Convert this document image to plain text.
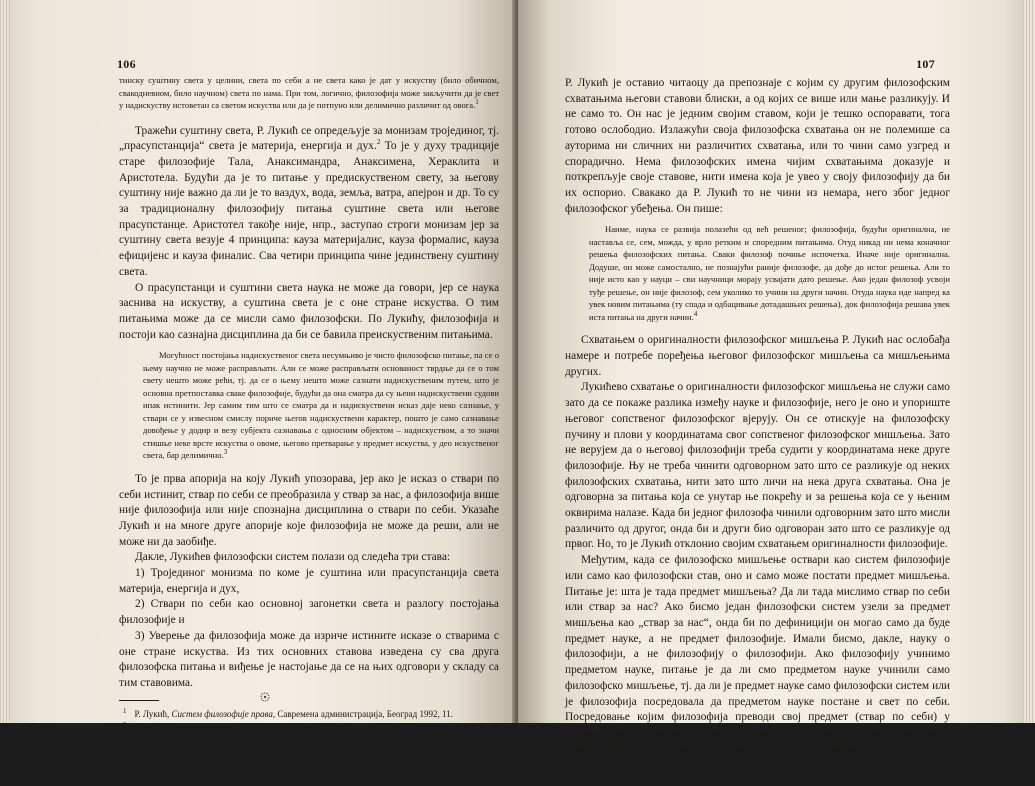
106

тинску суштину света у целини, света по себи а не света како је дат у искуству (било обичном, свакодневном, било научном) света по нама. При том, логично, филозофија може закључити да је свет у надискуству истоветан са светом искуства или да је потпуно или делимично различит од овога.$^1$

Тражећи суштину света, Р. Лукић се опредељује за монизам тројединог, тј. „прасупстанција“ света је материја, енергија и дух.$^2$ То је у духу традиције старе филозофије Тала, Анаксимандра, Анаксимена, Хераклита и Аристотела. Будући да је то питање у предискуственом свету, за његову суштину није важно да ли је то ваздух, вода, земља, ватра, апејрон и др. То су за традиционалну филозофију питања суштине света или његове прасупстанце. Аристотел такође није, нпр., заступао строги монизам јер за суштину света везује 4 принципа: кауза материјалис, кауза формалис, кауза ефицијенс и кауза финалис. Сва четири принципа чине јединствену суштину света.

О прасупстанци и суштини света наука не може да говори, јер се наука заснива на искуству, а суштина света је с оне стране искуства. О тим питањима може да се мисли само филозофски. По Лукићу, филозофија и постоји као сазнајна дисциплина да би се бавила преискуственим питањима.

Могућност постојања надискуственог света несумњиво је чисто филозофско питање, па се о њему научно не може расправљати. Али се може расправљати основаност тврдње да се о том свету нешто може рећи, тј. да се о њему нешто може сазнати надискуственим путем, што је основна претпоставка сваке филозофије, будући да она сматра да су њени надискуствени судови ипак истинити. Јер самим тим што се сматра да и надискуствени исказ даје неко сазнање, у ствари се у извесном смислу пориче његов надискуствени карактер, пошто је само сазнавање довођење у додир и везу субјекта сазнавања с односним објектом – надискуством, а то значи стишње неке врсте искуства о овоме, његово претварање у предмет искуства, у део искуственог света, бар делимично.$^3$

То је прва апорија на коју Лукић упозорава, јер ако је исказ о ствари по себи истинит, ствар по себи се преобразила у ствар за нас, а филозофија више није филозофија или није спознајна дисциплина о ствари по себи. Указаће Лукић и на многе друге апорије које филозофија не може да реши, али не може ни да заобиђе.

Дакле, Лукићев филозофски систем полази од следећа три става:

1) Тројединог монизма по коме је суштина или прасупстанција света материја, енергија и дух,

2) Ствари по себи као основној загонетки света и разлогу постојања филозофије и

3) Уверење да филозофија може да изриче истините исказе о стварима с оне стране искуства. Из тих основних ставова изведена су сва друга филозофска питања и виђење је настојање да се на њих одговори у складу са тим ставовима.

$^1$ Р. Лукић, Систем филозофије права, Савремена администрација, Београд 1992, 11.
$^2$ Исто, 71-86.
$^3$ Исто, 17.
107

Р. Лукић је оставио читаоцу да препознаје с којим су другим филозофским схватањима његови ставови блиски, а од којих се више или мање разликују. И не само то. Он нас је једним својим ставом, који је тешко оспоравати, тога готово ослободио. Излажући своја филозофска схватања он не полемише са ауторима ни сличних ни различитих схватања, или то чини само узгред и спорадично. Нема филозофских имена чијим схватањима доказује и поткрепљује своје ставове, нити имена која је увео у своју филозофију да би их оспорио. Свакако да Р. Лукић то не чини из немара, него због једног филозофског убеђења. Он пише:

Наиме, наука се развија полазећи од већ решеног; филозофија, будући оригинална, не наставља се, сем, можда, у врло ретким и споредним питањима. Отуд никад ни нема коначног решења филозофских питања. Сваки филозоф почиње испочетка. Иначе није оригинална. Додуше, он може самостално, не познајући раније филозофе, да дође до истог решења. Али то није исто као у науци – сви научници морају усвајати дато решење. Ако један филозоф усвоји туђе решење, он није филозоф, сем уколико то учини на други начин. Отуда наука иде напред ка увек новим питањима (ту спада и одбацивање дотадашњих решења), док филозофија решава увек иста питања на други начин.$^4$

Схватањем о оригиналности филозофског мишљења Р. Лукић нас ослобађа намере и потребе поређења његовог филозофског мишљења са мишљењима других.

Лукићево схватање о оригиналности филозофског мишљења не служи само зато да се покаже разлика између науке и филозофије, него је оно и упориште његовог сопственог филозофског вјерују. Он се отискује на филозофску пучину и плови у координатама свог сопственог филозофског мишљења. Зато не верујем да о његовој филозофији треба судити у координатама неке друге филозофије. Њу не треба чинити одговорном зато што се разликује од неких филозофских схватања, нити зато што личи на нека друга схватања. Она је одговорна за питања која се унутар ње покрећу и за решења која се у њеним оквирима налазе. Када би једног филозофа чинили одговорним зато што мисли различито од другог, онда би и други био одговоран зато што се разликује од првог. Но, то је Лукић отклонио својим схватањем оригиналности филозофије.

Међутим, када се филозофско мишљење оствари као систем филозофије или само као филозофски став, оно и само може постати предмет мишљења. Питање је: шта је тада предмет мишљења? Да ли тада мислимо ствар по себи или ствар за нас? Ако бисмо један филозофски систем узели за предмет мишљења као „ствар за нас“, онда би по дефиницији он могао само да буде предмет науке, а не предмет филозофије. Имали бисмо, дакле, науку о филозофији, а не филозофију о филозофији. Ако филозофију учинимо предметом науке, питање је да ли смо предметом науке учинили само филозофско мишљење, тј. да ли је предмет науке само филозофски систем или је филозофија посредовала да предметом науке постане и свет по себи. Посредовање којим филозофија преводи свој предмет (ствар по себи) у предмет науке (ствар за нас) и само може да буде предмет мишљења, али је нејасно докле је то предмет науке, а колико је предмет фило-

$^4$ Исто, 18.
